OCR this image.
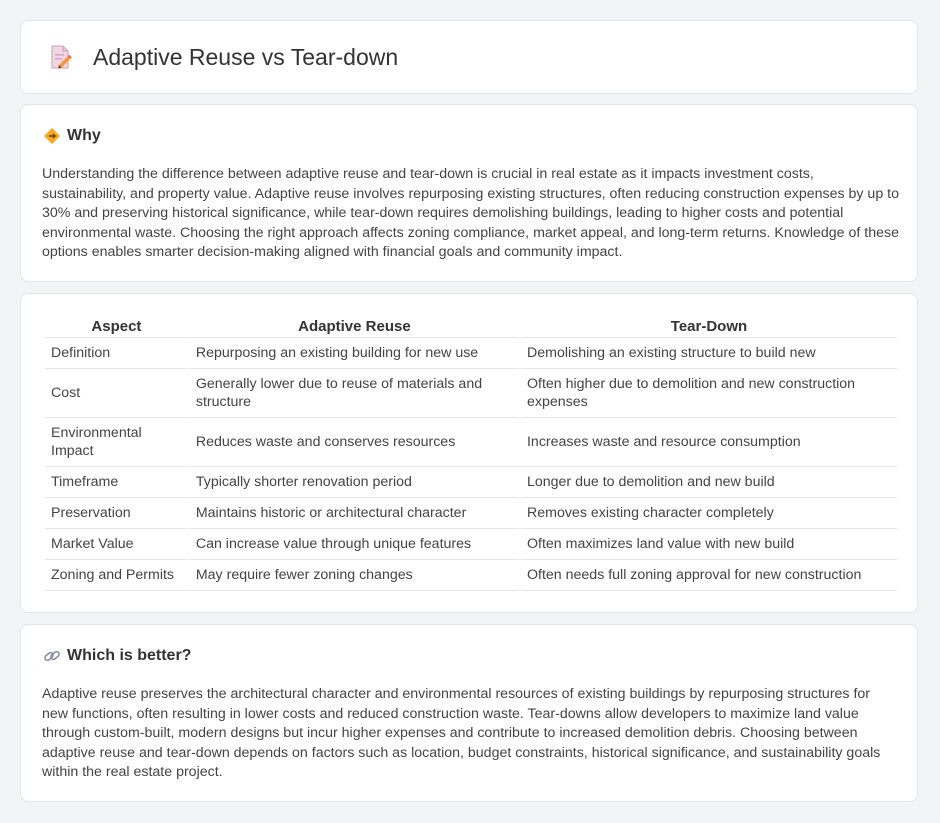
Adaptive Reuse vs Tear-down
Why
Understanding the difference between adaptive reuse and tear-down is crucial in real estate as it impacts investment costs, sustainability, and property value. Adaptive reuse involves repurposing existing structures, often reducing construction expenses by up to 30% and preserving historical significance, while tear-down requires demolishing buildings, leading to higher costs and potential environmental waste. Choosing the right approach affects zoning compliance, market appeal, and long-term returns. Knowledge of these options enables smarter decision-making aligned with financial goals and community impact.
Aspect	Adaptive Reuse	Tear-Down
Definition	Repurposing an existing building for new use	Demolishing an existing structure to build new
Cost	Generally lower due to reuse of materials and structure	Often higher due to demolition and new construction expenses
Environmental Impact	Reduces waste and conserves resources	Increases waste and resource consumption
Timeframe	Typically shorter renovation period	Longer due to demolition and new build
Preservation	Maintains historic or architectural character	Removes existing character completely
Market Value	Can increase value through unique features	Often maximizes land value with new build
Zoning and Permits	May require fewer zoning changes	Often needs full zoning approval for new construction
Which is better?
Adaptive reuse preserves the architectural character and environmental resources of existing buildings by repurposing structures for new functions, often resulting in lower costs and reduced construction waste. Tear-downs allow developers to maximize land value through custom-built, modern designs but incur higher expenses and contribute to increased demolition debris. Choosing between adaptive reuse and tear-down depends on factors such as location, budget constraints, historical significance, and sustainability goals within the real estate project.
